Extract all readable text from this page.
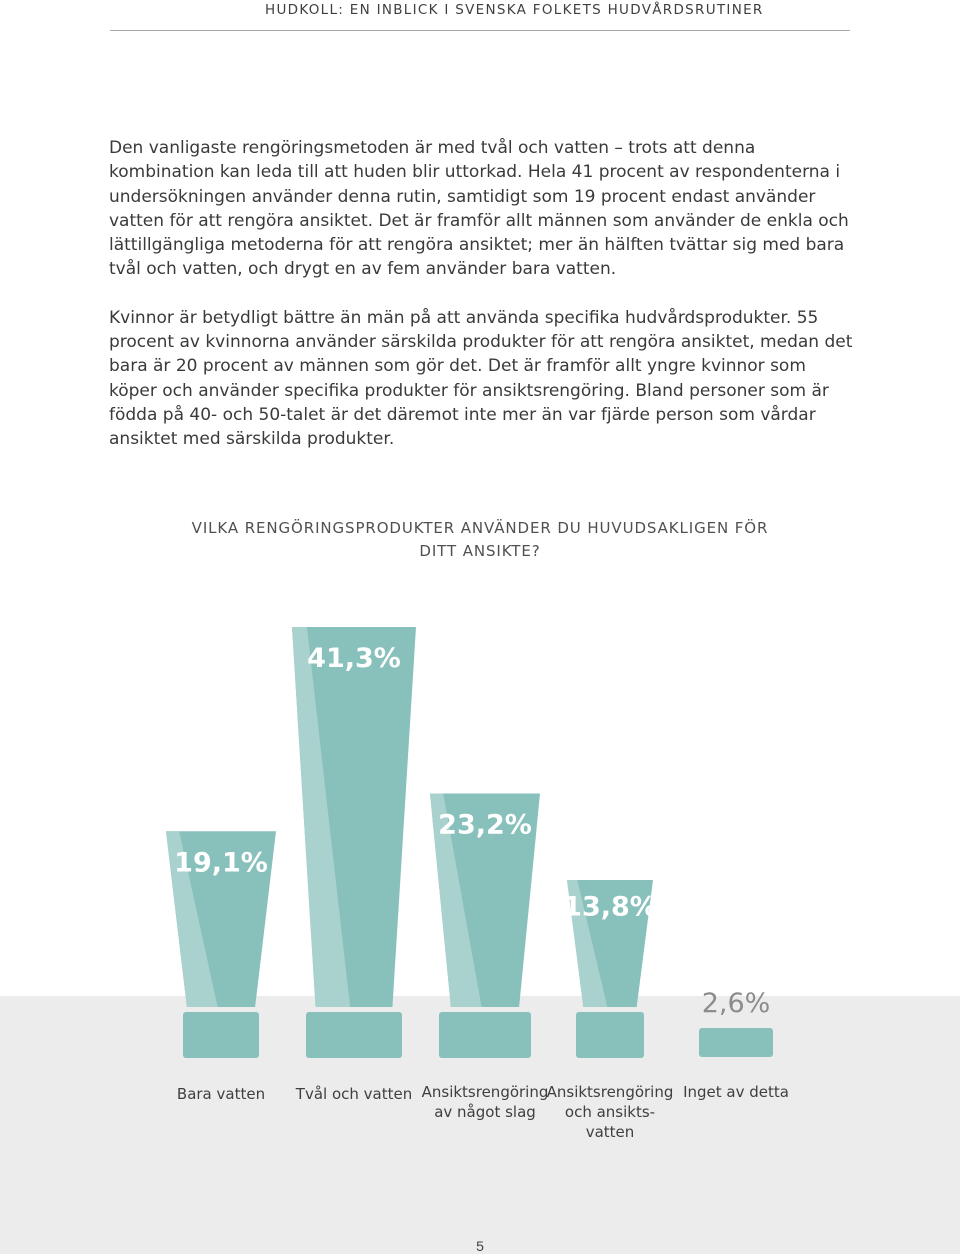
HUDKOLL: EN INBLICK I SVENSKA FOLKETS HUDVÅRDSRUTINER

Den vanligaste rengöringsmetoden är med tvål och vatten – trots att denna kombination kan leda till att huden blir uttorkad. Hela 41 procent av respondenterna i undersökningen använder denna rutin, samtidigt som 19 procent endast använder vatten för att rengöra ansiktet. Det är framför allt männen som använder de enkla och lättillgängliga metoderna för att rengöra ansiktet; mer än hälften tvättar sig med bara tvål och vatten, och drygt en av fem använder bara vatten.

Kvinnor är betydligt bättre än män på att använda specifika hudvårdsprodukter. 55 procent av kvinnorna använder särskilda produkter för att rengöra ansiktet, medan det bara är 20 procent av männen som gör det. Det är framför allt yngre kvinnor som köper och använder specifika produkter för ansiktsrengöring. Bland personer som är födda på 40- och 50-talet är det däremot inte mer än var fjärde person som vårdar ansiktet med särskilda produkter.

VILKA RENGÖRINGSPRODUKTER ANVÄNDER DU HUVUDSAKLIGEN FÖR DITT ANSIKTE?
19,1%
41,3%
23,2%
13,8%
2,6%
Bara vatten	Tvål och vatten Ansiktsrengöring
av något slag
Ansiktsrengöring
och ansikts-
vatten
Inget av detta
5
